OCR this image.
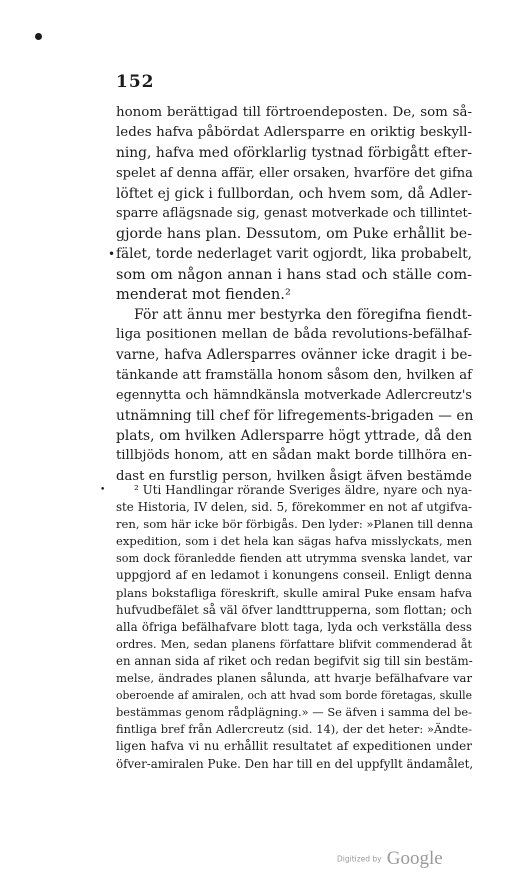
152
honom berättigad till förtroendeposten. De, som så-
ledes hafva påbördat Adlersparre en oriktig beskyll-
ning, hafva med oförklarlig tystnad förbigått efter-
spelet af denna affär, eller orsaken, hvarföre det gifna
löftet ej gick i fullbordan, och hvem som, då Adler-
sparre aflägsnade sig, genast motverkade och tillintet-
gjorde hans plan. Dessutom, om Puke erhållit be-
• fälet, torde nederlaget varit ogjordt, lika probabelt,
som om någon annan i hans stad och ställe com-
menderat mot fienden.²
För att ännu mer bestyrka den föregifna fiendt-
liga positionen mellan de båda revolutions-befälhaf-
varne, hafva Adlersparres ovänner icke dragit i be-
tänkande att framställa honom såsom den, hvilken af
egennytta och hämndkänsla motverkade Adlercreutz's
utnämning till chef för lifregements-brigaden — en
plats, om hvilken Adlersparre högt yttrade, då den
tillbjöds honom, att en sådan makt borde tillhöra en-
dast en furstlig person, hvilken åsigt äfven bestämde
•	² Uti Handlingar rörande Sveriges äldre, nyare och nya-
ste Historia, IV delen, sid. 5, förekommer en not af utgifva-
ren, som här icke bör förbigås. Den lyder: »Planen till denna
expedition, som i det hela kan sägas hafva misslyckats, men
som dock föranledde fienden att utrymma svenska landet, var
uppgjord af en ledamot i konungens conseil. Enligt denna
plans bokstafliga föreskrift, skulle amiral Puke ensam hafva
hufvudbefälet så väl öfver landttrupperna, som flottan; och
alla öfriga befälhafvare blott taga, lyda och verkställa dess
ordres. Men, sedan planens författare blifvit commenderad åt
en annan sida af riket och redan begifvit sig till sin bestäm-
melse, ändrades planen sålunda, att hvarje befälhafvare var
oberoende af amiralen, och att hvad som borde företagas, skulle
bestämmas genom rådplägning.» — Se äfven i samma del be-
fintliga bref från Adlercreutz (sid. 14), der det heter: »Ändte-
ligen hafva vi nu erhållit resultatet af expeditionen under
öfver-amiralen Puke. Den har till en del uppfyllt ändamålet,
Digitized by Google
